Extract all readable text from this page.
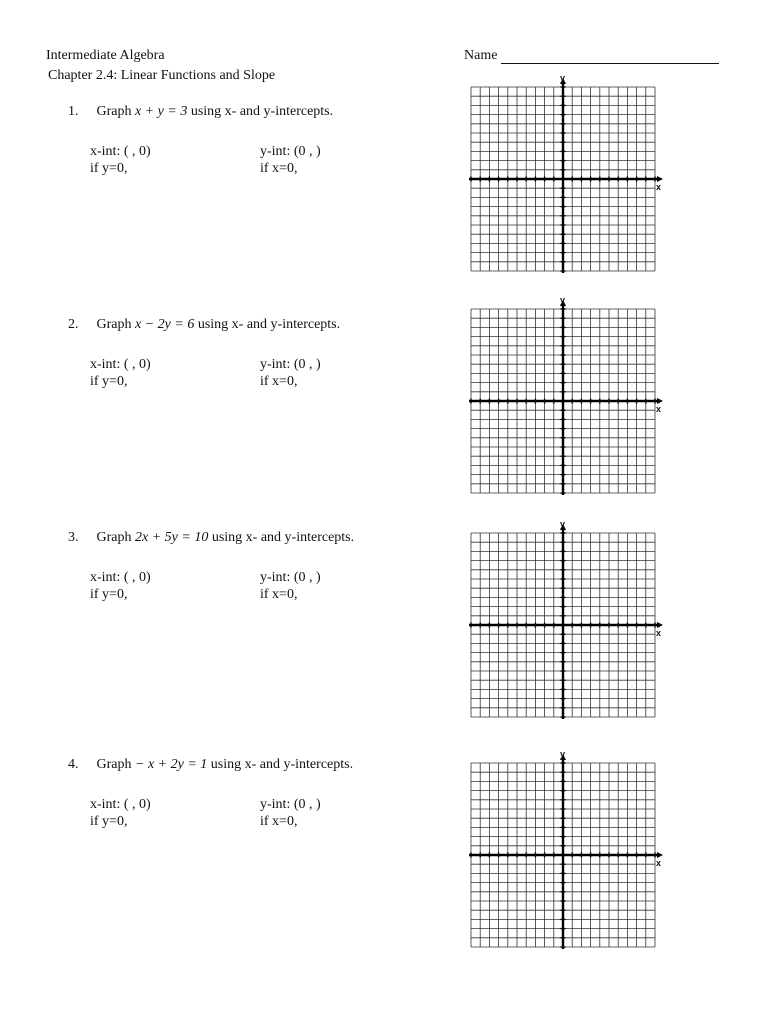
Intermediate Algebra
Chapter 2.4: Linear Functions and Slope
Name
1. Graph x + y = 3 using x- and y-intercepts.
x-int: ( , 0)	y-int: (0 , )
if y=0,	if x=0,
2. Graph x − 2y = 6 using x- and y-intercepts.
x-int: ( , 0)	y-int: (0 , )
if y=0,	if x=0,
3. Graph 2x + 5y = 10 using x- and y-intercepts.
x-int: ( , 0)	y-int: (0 , )
if y=0,	if x=0,
4. Graph − x + 2y = 1 using x- and y-intercepts.
x-int: ( , 0)	y-int: (0 , )
if y=0,	if x=0,
y
x
y
x
y
x
y
x
